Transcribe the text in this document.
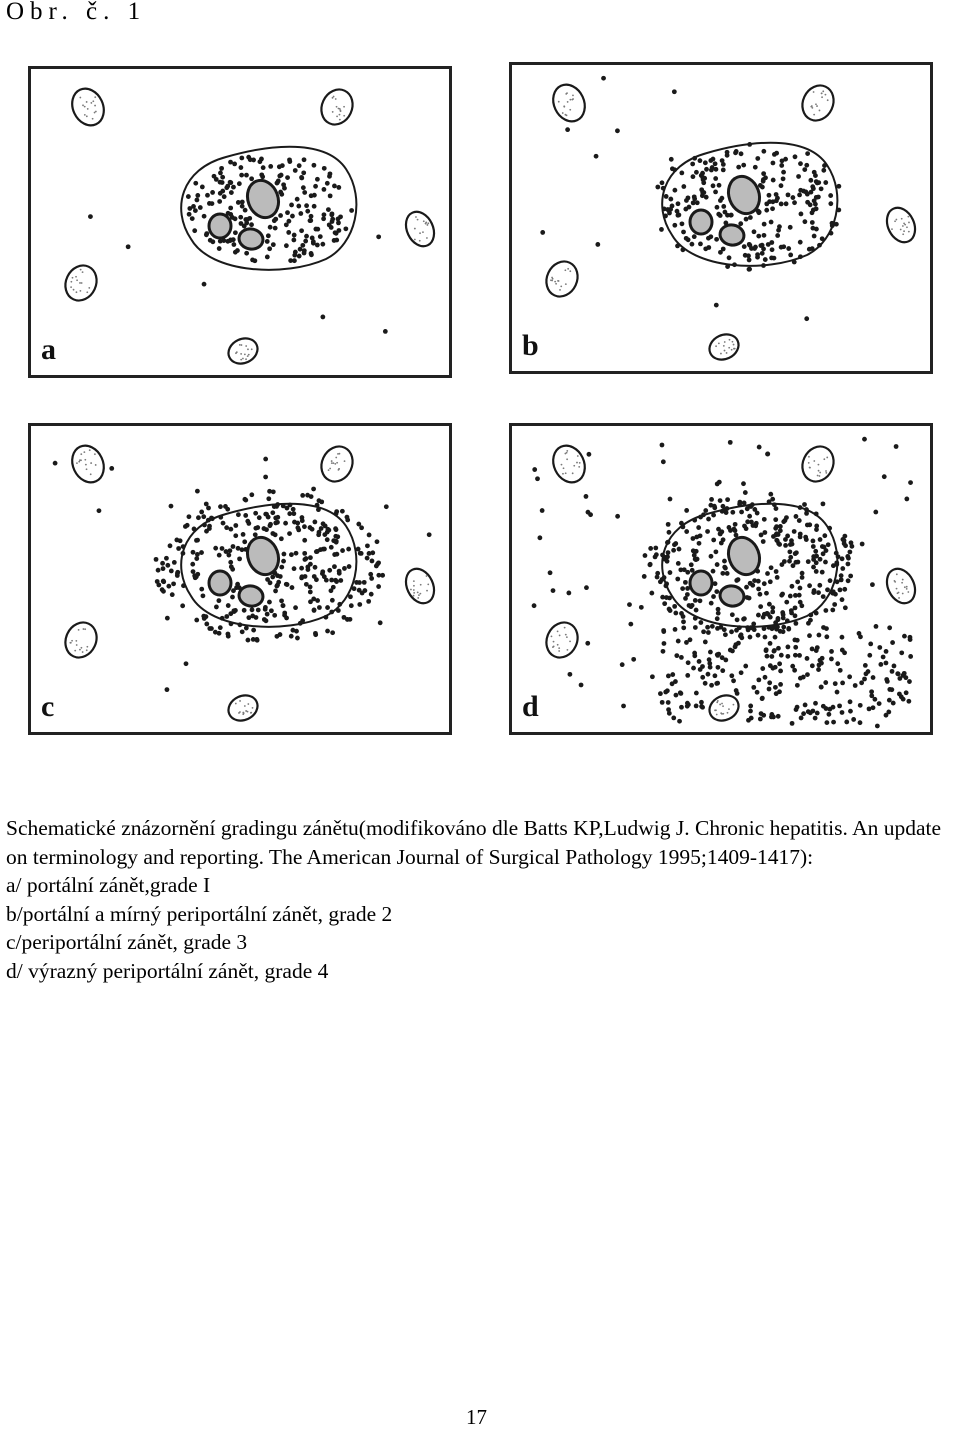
Obr. č. 1
a	b
c	d

Schematické znázornění gradingu zánětu(modifikováno dle Batts KP,Ludwig J. Chronic hepatitis. An update on terminology and reporting. The American Journal of Surgical Pathology 1995;1409-1417):

a/ portální zánět,grade I

b/portální a mírný periportální zánět, grade 2

c/periportální zánět, grade 3

d/ výrazný periportální zánět, grade 4

17
